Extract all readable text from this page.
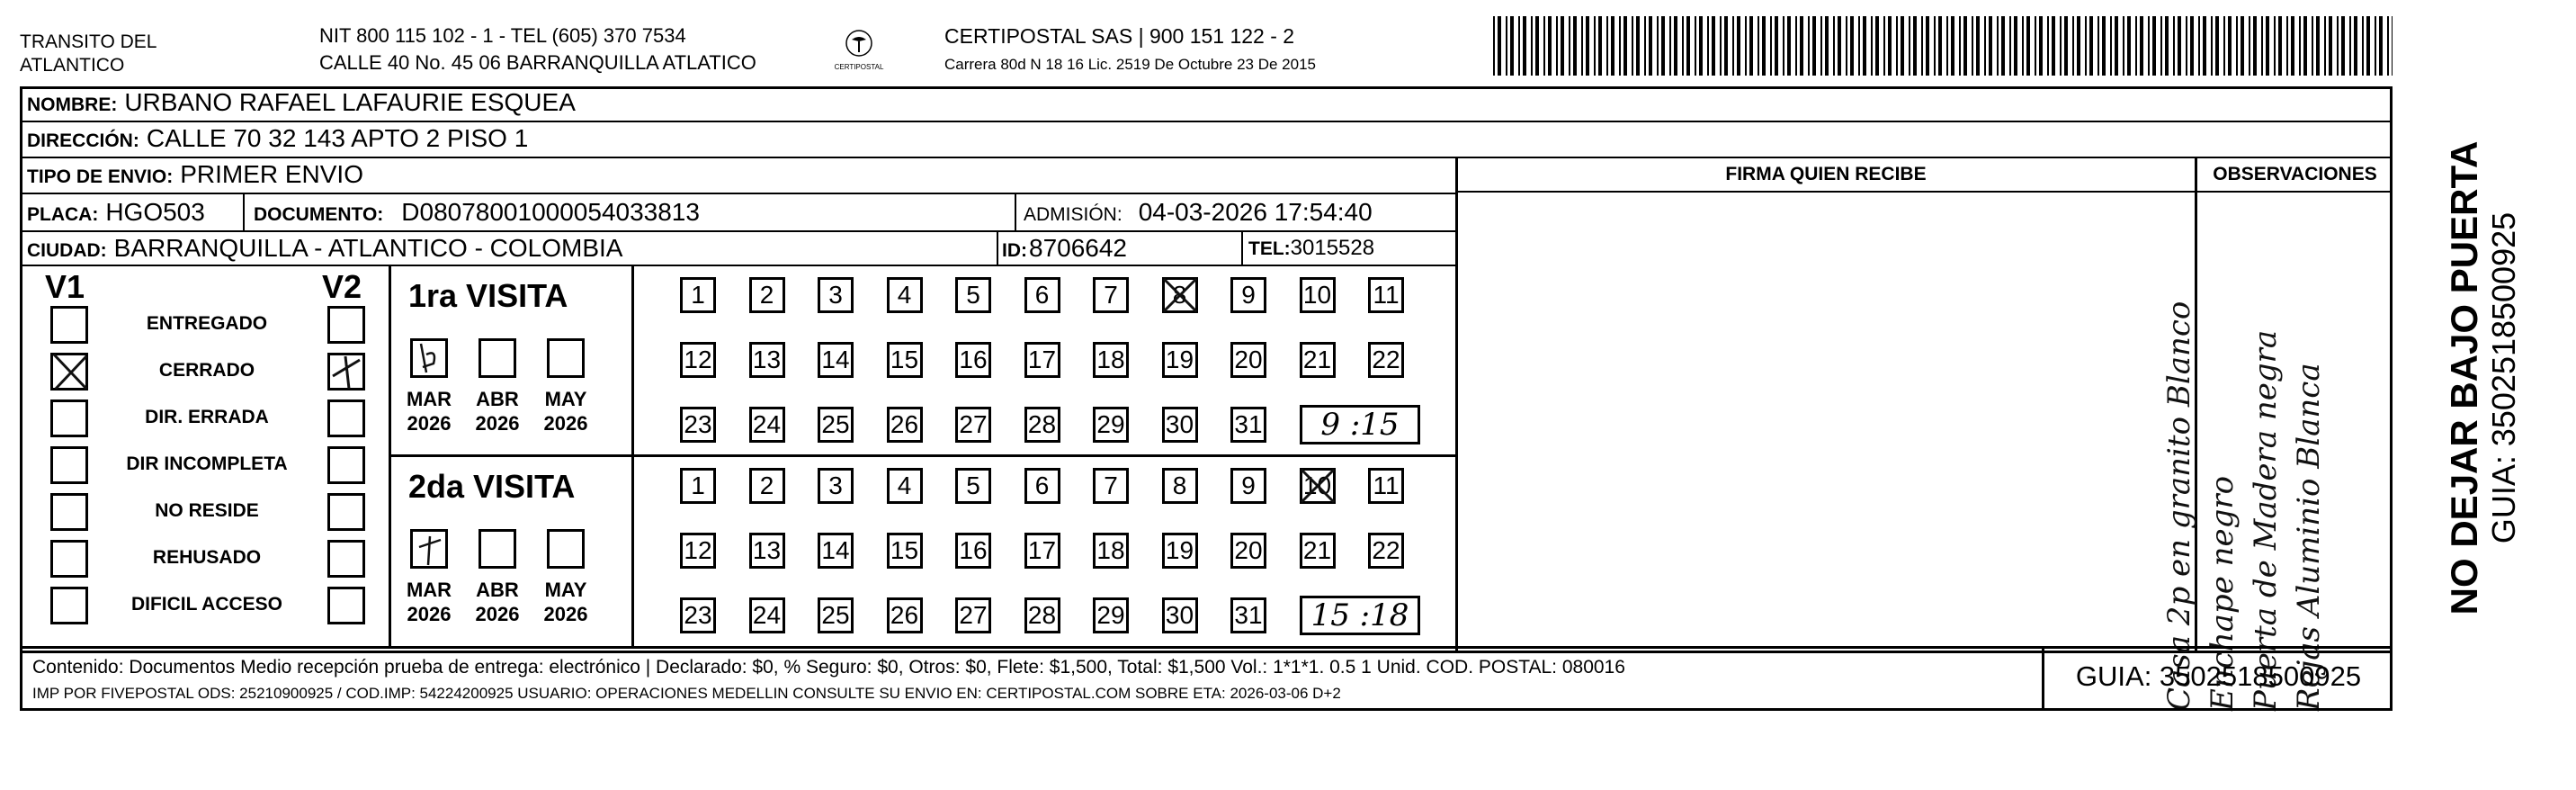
TRANSITO DEL
ATLANTICO
NIT 800 115 102 - 1 - TEL (605) 370 7534
CALLE 40 No. 45 06 BARRANQUILLA ATLATICO	CERTIPOSTAL
CERTIPOSTAL SAS | 900 151 122 - 2
Carrera 80d N 18 16 Lic. 2519 De Octubre 23 De 2015
NOMBRE: URBANO RAFAEL LAFAURIE ESQUEA
DIRECCIÓN: CALLE 70 32 143 APTO 2 PISO 1
TIPO DE ENVIO: PRIMER ENVIO
PLACA: HGO503	DOCUMENTO: D08078001000054033813	ADMISIÓN: 04-03-2026 17:54:40
CIUDAD: BARRANQUILLA - ATLANTICO - COLOMBIA	ID: 8706642	TEL: 3015528
FIRMA QUIEN RECIBE	OBSERVACIONES
Casa 2p en granito Blanco Enchape negro Puerta de Madera negra Rejas Aluminio Blanca
V1	V2
ENTREGADO
CERRADO
DIR. ERRADA
DIR INCOMPLETA
NO RESIDE
REHUSADO
DIFICIL ACCESO
1ra VISITA
MAR
2026
ABR
2026
MAY
2026
1	2	3	4	5	6	7	8	9	10 11
12 13 14 15 16 17 18 19 20 21 22
23 24 25 26 27 28 29 30 31	9 :15
2da VISITA
MAR
2026
ABR
2026
MAY
2026
1	2	3	4	5	6	7	8	9	10 11
12 13 14 15 16 17 18 19 20 21 22
23 24 25 26 27 28 29 30 31	15 :18
Contenido: Documentos Medio recepción prueba de entrega: electrónico | Declarado: $0, % Seguro: $0, Otros: $0, Flete: $1,500, Total: $1,500 Vol.: 1*1*1. 0.5 1 Unid. COD. POSTAL: 080016
IMP POR FIVEPOSTAL ODS: 25210900925 / COD.IMP: 54224200925 USUARIO: OPERACIONES MEDELLIN CONSULTE SU ENVIO EN: CERTIPOSTAL.COM SOBRE ETA: 2026-03-06 D+2
GUIA: 3502518500925
NO DEJAR BAJO PUERTA GUIA: 3502518500925
